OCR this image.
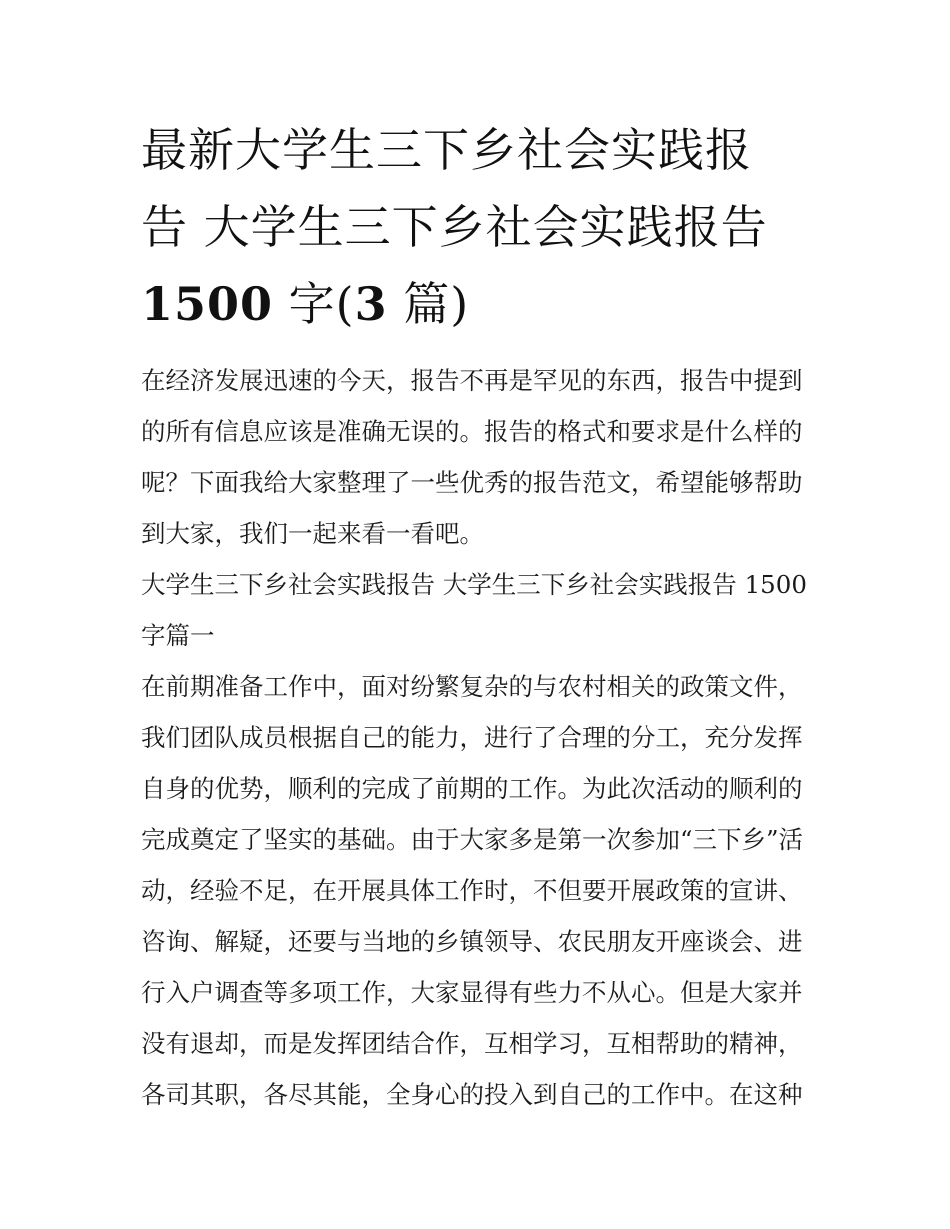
最新大学生三下乡社会实践报
告 大学生三下乡社会实践报告
1500 字(3 篇)

在经济发展迅速的今天，报告不再是罕见的东西，报告中提到的所有信息应该是准确无误的。报告的格式和要求是什么样的呢？下面我给大家整理了一些优秀的报告范文，希望能够帮助到大家，我们一起来看一看吧。

大学生三下乡社会实践报告 大学生三下乡社会实践报告 1500字篇一

在前期准备工作中，面对纷繁复杂的与农村相关的政策文件，我们团队成员根据自己的能力，进行了合理的分工，充分发挥自身的优势，顺利的完成了前期的工作。为此次活动的顺利的完成奠定了坚实的基础。由于大家多是第一次参加“三下乡”活动，经验不足，在开展具体工作时，不但要开展政策的宣讲、咨询、解疑，还要与当地的乡镇领导、农民朋友开座谈会、进行入户调查等多项工作，大家显得有些力不从心。但是大家并没有退却，而是发挥团结合作，互相学习，互相帮助的精神，各司其职，各尽其能，全身心的投入到自己的工作中。在这种
